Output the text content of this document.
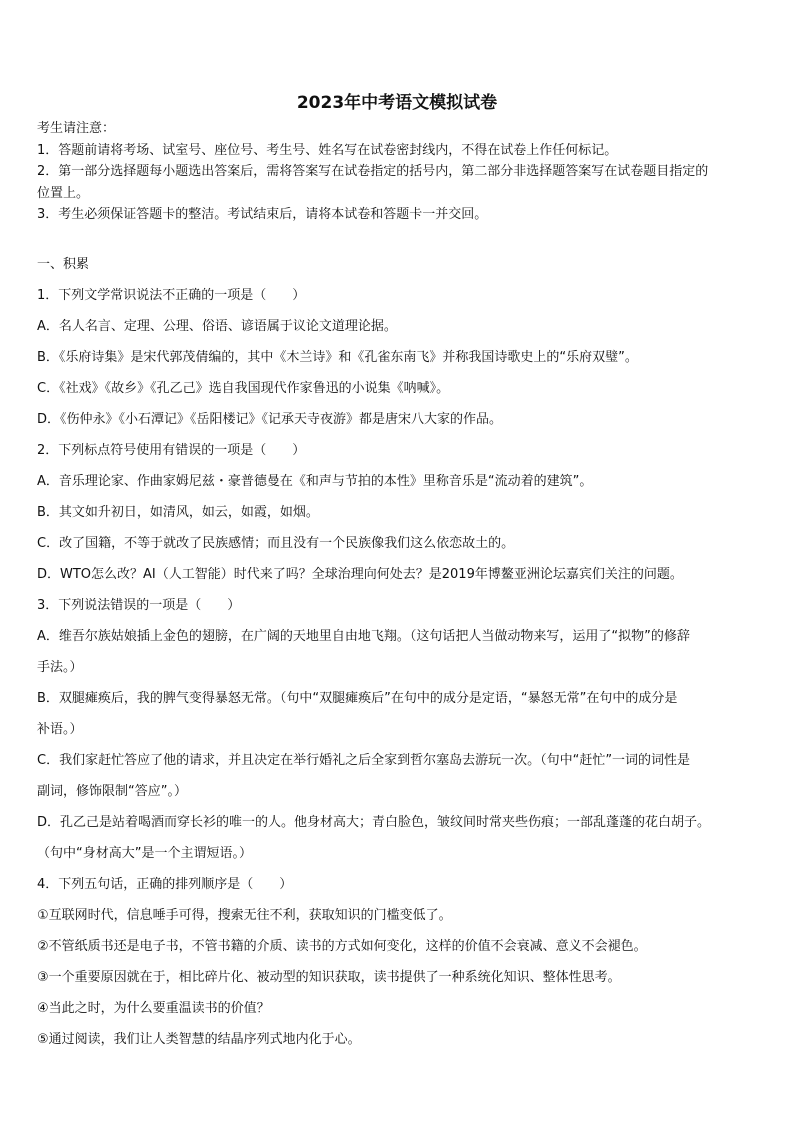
2023年中考语文模拟试卷
考生请注意：
1．答题前请将考场、试室号、座位号、考生号、姓名写在试卷密封线内，不得在试卷上作任何标记。
2．第一部分选择题每小题选出答案后，需将答案写在试卷指定的括号内，第二部分非选择题答案写在试卷题目指定的
位置上。
3．考生必须保证答题卡的整洁。考试结束后，请将本试卷和答题卡一并交回。
一、积累
1．下列文学常识说法不正确的一项是（　　）
A．名人名言、定理、公理、俗语、谚语属于议论文道理论据。
B．《乐府诗集》是宋代郭茂倩编的，其中《木兰诗》和《孔雀东南飞》并称我国诗歌史上的“乐府双璧”。
C．《社戏》《故乡》《孔乙己》选自我国现代作家鲁迅的小说集《呐喊》。
D．《伤仲永》《小石潭记》《岳阳楼记》《记承天寺夜游》都是唐宋八大家的作品。
2．下列标点符号使用有错误的一项是（　　）
A．音乐理论家、作曲家姆尼兹・豪普德曼在《和声与节拍的本性》里称音乐是“流动着的建筑”。
B．其文如升初日，如清风，如云，如霞，如烟。
C．改了国籍，不等于就改了民族感情；而且没有一个民族像我们这么依恋故土的。
D．WTO怎么改？AI（人工智能）时代来了吗？全球治理向何处去？是2019年博鳌亚洲论坛嘉宾们关注的问题。
3．下列说法错误的一项是（　　）
A．维吾尔族姑娘插上金色的翅膀，在广阔的天地里自由地飞翔。（这句话把人当做动物来写，运用了“拟物”的修辞
手法。）
B．双腿瘫痪后，我的脾气变得暴怒无常。（句中“双腿瘫痪后”在句中的成分是定语，“暴怒无常”在句中的成分是
补语。）
C．我们家赶忙答应了他的请求，并且决定在举行婚礼之后全家到哲尔塞岛去游玩一次。（句中“赶忙”一词的词性是
副词，修饰限制“答应”。）
D．孔乙己是站着喝酒而穿长衫的唯一的人。他身材高大；青白脸色，皱纹间时常夹些伤痕；一部乱蓬蓬的花白胡子。
（句中“身材高大”是一个主谓短语。）
4．下列五句话，正确的排列顺序是（　　）
①互联网时代，信息唾手可得，搜索无往不利，获取知识的门槛变低了。
②不管纸质书还是电子书，不管书籍的介质、读书的方式如何变化，这样的价值不会衰减、意义不会褪色。
③一个重要原因就在于，相比碎片化、被动型的知识获取，读书提供了一种系统化知识、整体性思考。
④当此之时，为什么要重温读书的价值？
⑤通过阅读，我们让人类智慧的结晶序列式地内化于心。
